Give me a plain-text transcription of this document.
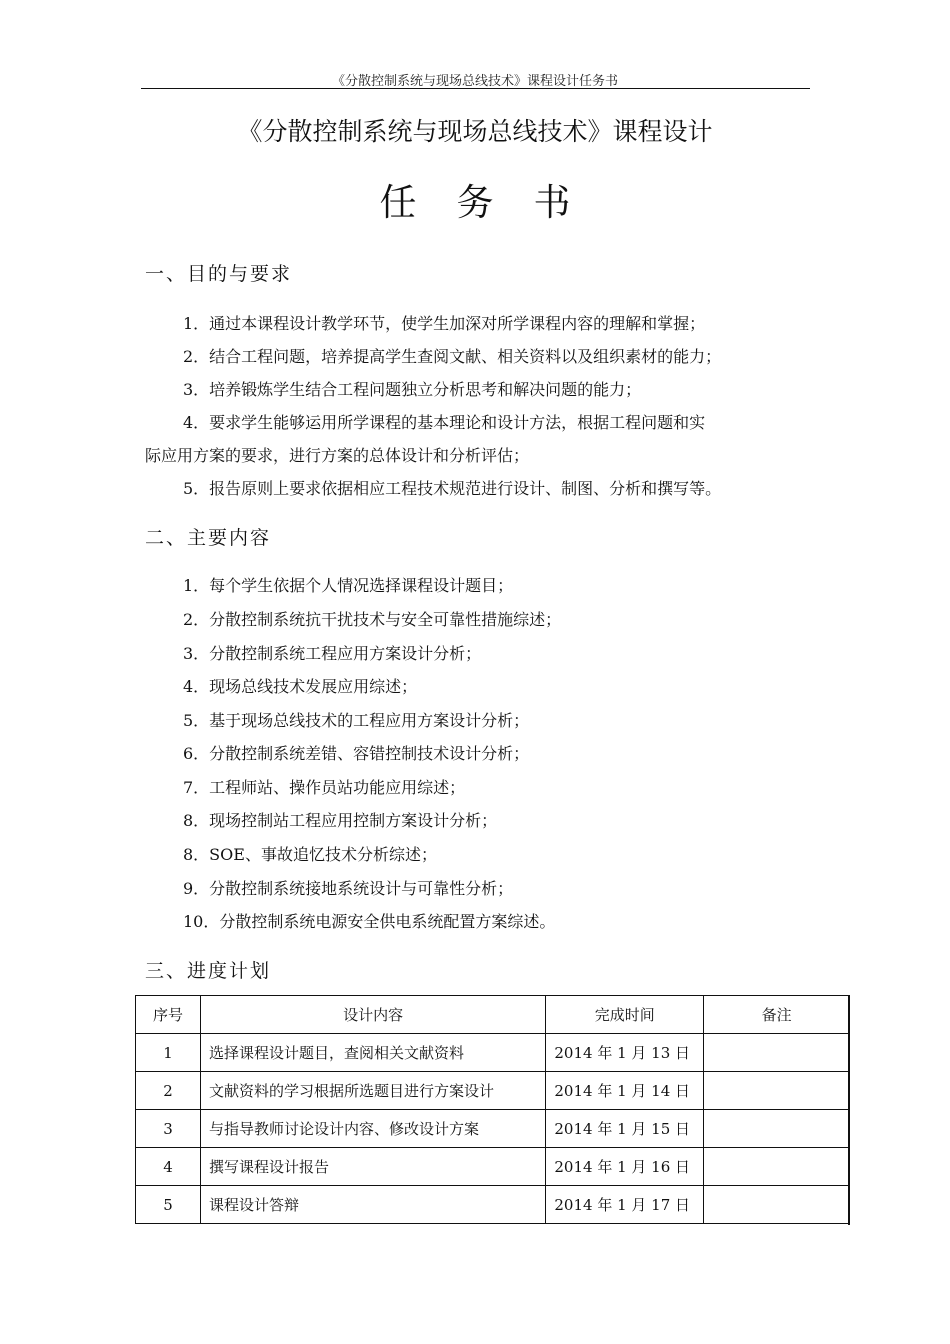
《分散控制系统与现场总线技术》课程设计任务书
《分散控制系统与现场总线技术》课程设计
任务书
一、目的与要求
1．通过本课程设计教学环节，使学生加深对所学课程内容的理解和掌握；
2．结合工程问题，培养提高学生查阅文献、相关资料以及组织素材的能力；
3．培养锻炼学生结合工程问题独立分析思考和解决问题的能力；
4．要求学生能够运用所学课程的基本理论和设计方法，根据工程问题和实
际应用方案的要求，进行方案的总体设计和分析评估；
5．报告原则上要求依据相应工程技术规范进行设计、制图、分析和撰写等。
二、主要内容
1．每个学生依据个人情况选择课程设计题目；
2．分散控制系统抗干扰技术与安全可靠性措施综述；
3．分散控制系统工程应用方案设计分析；
4．现场总线技术发展应用综述；
5．基于现场总线技术的工程应用方案设计分析；
6．分散控制系统差错、容错控制技术设计分析；
7．工程师站、操作员站功能应用综述；
8．现场控制站工程应用控制方案设计分析；
8．SOE、事故追忆技术分析综述；
9．分散控制系统接地系统设计与可靠性分析；
10．分散控制系统电源安全供电系统配置方案综述。
三、进度计划
序号	设计内容	完成时间	备注
1	选择课程设计题目，查阅相关文献资料	2014 年 1 月 13 日	
2	文献资料的学习根据所选题目进行方案设计	2014 年 1 月 14 日	
3	与指导教师讨论设计内容、修改设计方案	2014 年 1 月 15 日	
4	撰写课程设计报告	2014 年 1 月 16 日	
5	课程设计答辩	2014 年 1 月 17 日	
